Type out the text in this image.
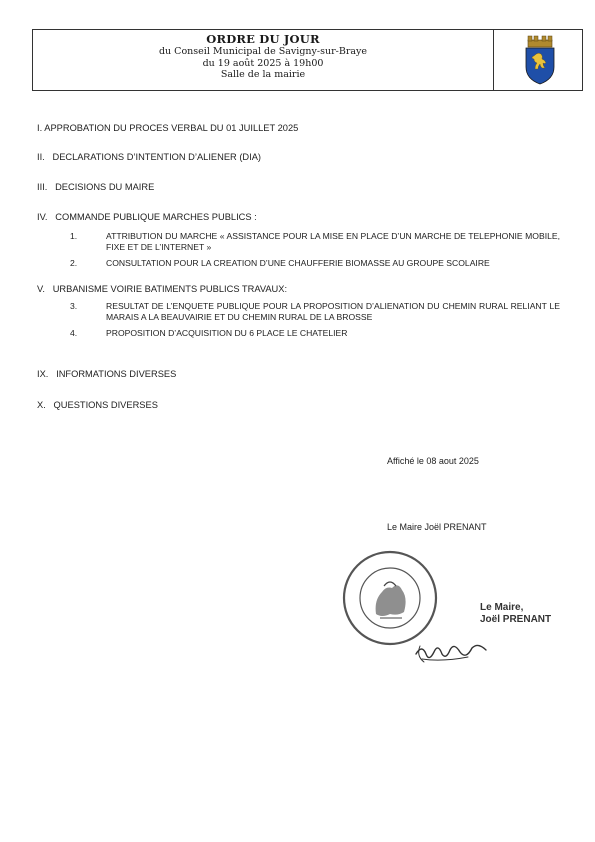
ORDRE DU JOUR
du Conseil Municipal de Savigny-sur-Braye
du 19 août 2025 à 19h00
Salle de la mairie
I. APPROBATION DU PROCES VERBAL DU 01 JUILLET 2025
II. DECLARATIONS D’INTENTION D’ALIENER (DIA)
III. DECISIONS DU MAIRE
IV. COMMANDE PUBLIQUE MARCHES PUBLICS :
1.	ATTRIBUTION DU MARCHE « ASSISTANCE POUR LA MISE EN PLACE D’UN MARCHE DE TELEPHONIE MOBILE, FIXE ET DE L’INTERNET »
2.	CONSULTATION POUR LA CREATION D’UNE CHAUFFERIE BIOMASSE AU GROUPE SCOLAIRE
V. URBANISME VOIRIE BATIMENTS PUBLICS TRAVAUX:
3.	RESULTAT DE L’ENQUETE PUBLIQUE POUR LA PROPOSITION D’ALIENATION DU CHEMIN RURAL RELIANT LE MARAIS A LA BEAUVAIRIE ET DU CHEMIN RURAL DE LA BROSSE
4.	PROPOSITION D’ACQUISITION DU 6 PLACE LE CHATELIER
IX. INFORMATIONS DIVERSES
X. QUESTIONS DIVERSES
Affiché le 08 aout 2025
Le Maire Joël PRENANT
Le Maire,
Joël PRENANT
